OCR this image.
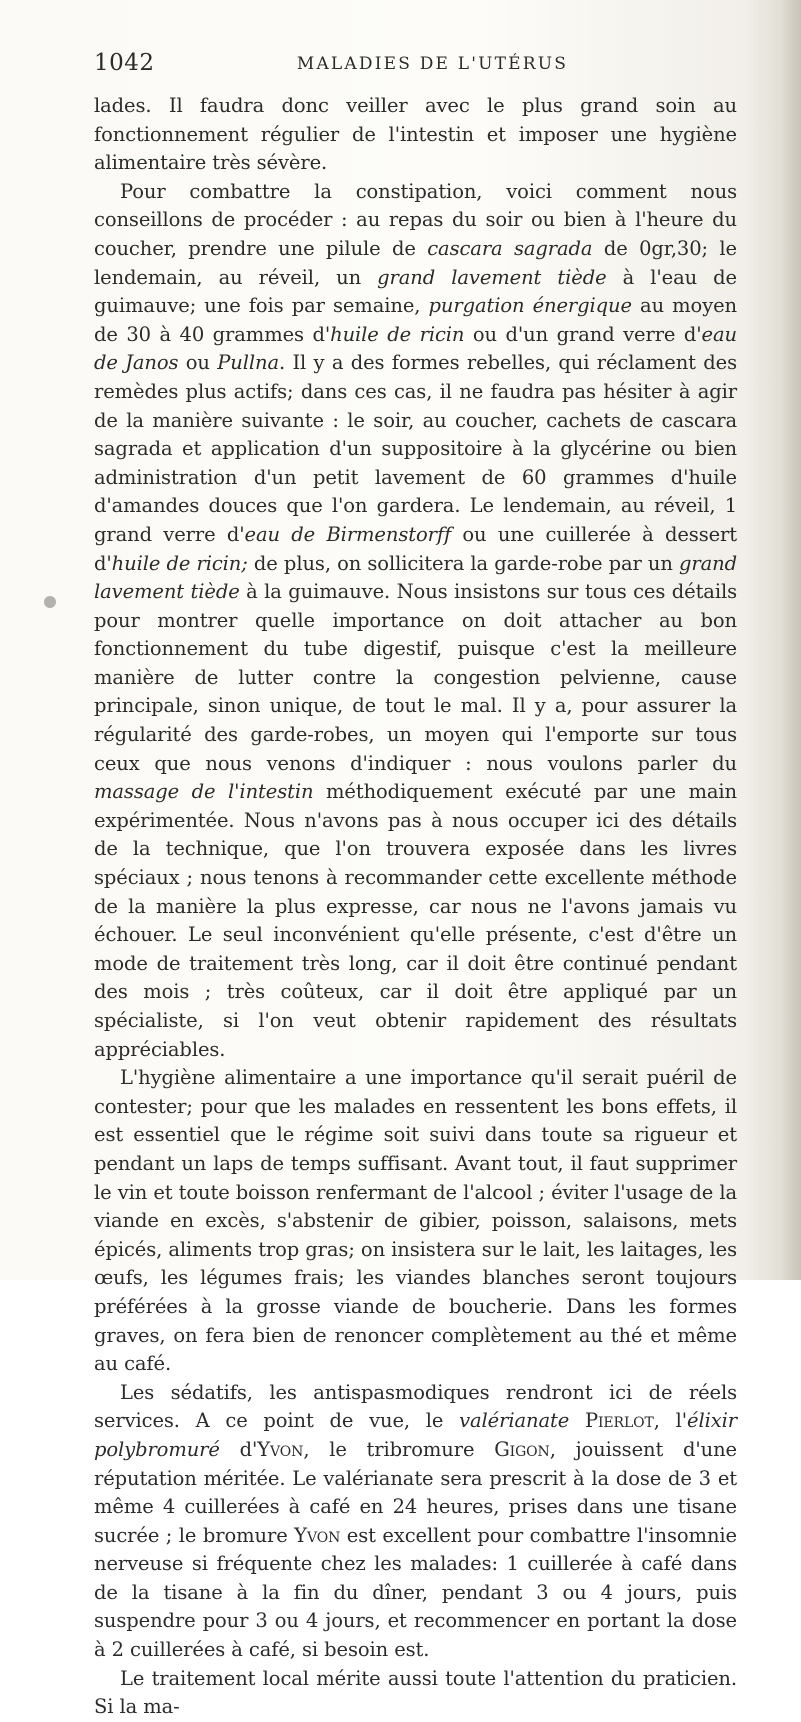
1042	MALADIES DE L'UTÉRUS

lades. Il faudra donc veiller avec le plus grand soin au fonctionnement régulier de l'intestin et imposer une hygiène alimentaire très sévère.

Pour combattre la constipation, voici comment nous conseillons de procéder : au repas du soir ou bien à l'heure du coucher, prendre une pilule de cascara sagrada de 0gr,30; le lendemain, au réveil, un grand lavement tiède à l'eau de guimauve; une fois par semaine, purgation énergique au moyen de 30 à 40 grammes d'huile de ricin ou d'un grand verre d'eau de Janos ou Pullna. Il y a des formes rebelles, qui réclament des remèdes plus actifs; dans ces cas, il ne faudra pas hésiter à agir de la manière suivante : le soir, au coucher, cachets de cascara sagrada et application d'un suppositoire à la glycérine ou bien administration d'un petit lavement de 60 grammes d'huile d'amandes douces que l'on gardera. Le lendemain, au réveil, 1 grand verre d'eau de Birmenstorff ou une cuillerée à dessert d'huile de ricin; de plus, on sollicitera la garde-robe par un grand lavement tiède à la guimauve. Nous insistons sur tous ces détails pour montrer quelle importance on doit attacher au bon fonctionnement du tube digestif, puisque c'est la meilleure manière de lutter contre la congestion pelvienne, cause principale, sinon unique, de tout le mal. Il y a, pour assurer la régularité des garde-robes, un moyen qui l'emporte sur tous ceux que nous venons d'indiquer : nous voulons parler du massage de l'intestin méthodiquement exécuté par une main expérimentée. Nous n'avons pas à nous occuper ici des détails de la technique, que l'on trouvera exposée dans les livres spéciaux ; nous tenons à recommander cette excellente méthode de la manière la plus expresse, car nous ne l'avons jamais vu échouer. Le seul inconvénient qu'elle présente, c'est d'être un mode de traitement très long, car il doit être continué pendant des mois ; très coûteux, car il doit être appliqué par un spécialiste, si l'on veut obtenir rapidement des résultats appréciables.

L'hygiène alimentaire a une importance qu'il serait puéril de contester; pour que les malades en ressentent les bons effets, il est essentiel que le régime soit suivi dans toute sa rigueur et pendant un laps de temps suffisant. Avant tout, il faut supprimer le vin et toute boisson renfermant de l'alcool ; éviter l'usage de la viande en excès, s'abstenir de gibier, poisson, salaisons, mets épicés, aliments trop gras; on insistera sur le lait, les laitages, les œufs, les légumes frais; les viandes blanches seront toujours préférées à la grosse viande de boucherie. Dans les formes graves, on fera bien de renoncer complètement au thé et même au café.

Les sédatifs, les antispasmodiques rendront ici de réels services. A ce point de vue, le valérianate Pierlot, l'élixir polybromuré d'Yvon, le tribromure Gigon, jouissent d'une réputation méritée. Le valérianate sera prescrit à la dose de 3 et même 4 cuillerées à café en 24 heures, prises dans une tisane sucrée ; le bromure Yvon est excellent pour combattre l'insomnie nerveuse si fréquente chez les malades: 1 cuillerée à café dans de la tisane à la fin du dîner, pendant 3 ou 4 jours, puis suspendre pour 3 ou 4 jours, et recommencer en portant la dose à 2 cuillerées à café, si besoin est.

Le traitement local mérite aussi toute l'attention du praticien. Si la ma-
